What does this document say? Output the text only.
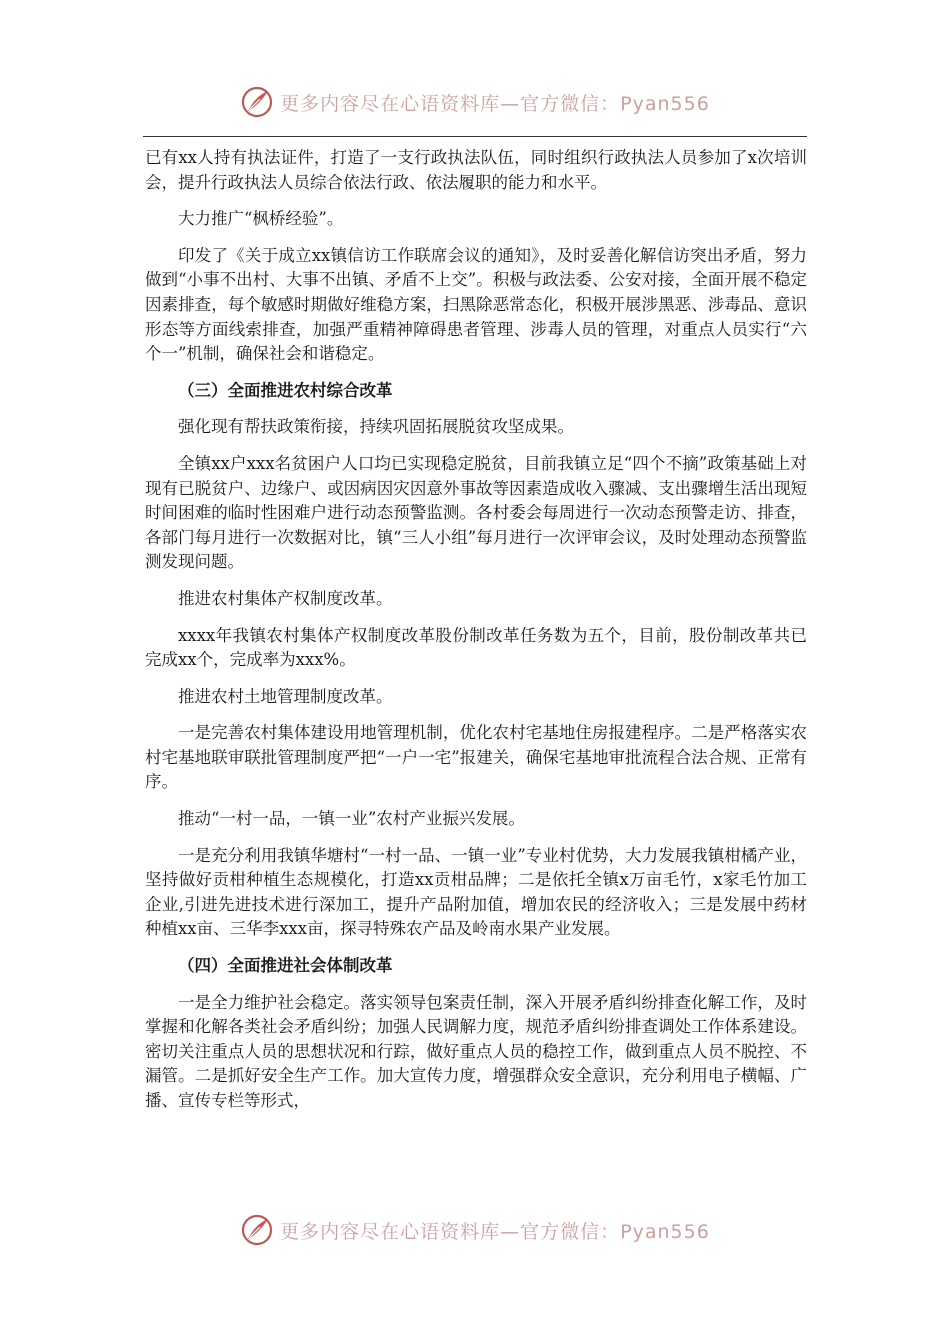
更多内容尽在心语资料库—官方微信：Pyan556

已有xx人持有执法证件，打造了一支行政执法队伍，同时组织行政执法人员参加了x次培训会，提升行政执法人员综合依法行政、依法履职的能力和水平。

大力推广“枫桥经验”。

印发了《关于成立xx镇信访工作联席会议的通知》，及时妥善化解信访突出矛盾，努力做到“小事不出村、大事不出镇、矛盾不上交”。积极与政法委、公安对接，全面开展不稳定因素排查，每个敏感时期做好维稳方案，扫黑除恶常态化，积极开展涉黑恶、涉毒品、意识形态等方面线索排查，加强严重精神障碍患者管理、涉毒人员的管理，对重点人员实行“六个一”机制，确保社会和谐稳定。

（三）全面推进农村综合改革

强化现有帮扶政策衔接，持续巩固拓展脱贫攻坚成果。

全镇xx户xxx名贫困户人口均已实现稳定脱贫，目前我镇立足“四个不摘”政策基础上对现有已脱贫户、边缘户、或因病因灾因意外事故等因素造成收入骤减、支出骤增生活出现短时间困难的临时性困难户进行动态预警监测。各村委会每周进行一次动态预警走访、排查，各部门每月进行一次数据对比，镇“三人小组”每月进行一次评审会议，及时处理动态预警监测发现问题。

推进农村集体产权制度改革。

xxxx年我镇农村集体产权制度改革股份制改革任务数为五个，目前，股份制改革共已完成xx个，完成率为xxx%。

推进农村土地管理制度改革。

一是完善农村集体建设用地管理机制，优化农村宅基地住房报建程序。二是严格落实农村宅基地联审联批管理制度严把“一户一宅”报建关，确保宅基地审批流程合法合规、正常有序。

推动“一村一品，一镇一业”农村产业振兴发展。

一是充分利用我镇华塘村“一村一品、一镇一业”专业村优势，大力发展我镇柑橘产业，坚持做好贡柑种植生态规模化，打造xx贡柑品牌；二是依托全镇x万亩毛竹，x家毛竹加工企业,引进先进技术进行深加工，提升产品附加值，增加农民的经济收入；三是发展中药材种植xx亩、三华李xxx亩，探寻特殊农产品及岭南水果产业发展。

（四）全面推进社会体制改革

一是全力维护社会稳定。落实领导包案责任制，深入开展矛盾纠纷排查化解工作，及时掌握和化解各类社会矛盾纠纷；加强人民调解力度，规范矛盾纠纷排查调处工作体系建设。密切关注重点人员的思想状况和行踪，做好重点人员的稳控工作，做到重点人员不脱控、不漏管。二是抓好安全生产工作。加大宣传力度，增强群众安全意识，充分利用电子横幅、广播、宣传专栏等形式，

更多内容尽在心语资料库—官方微信：Pyan556
